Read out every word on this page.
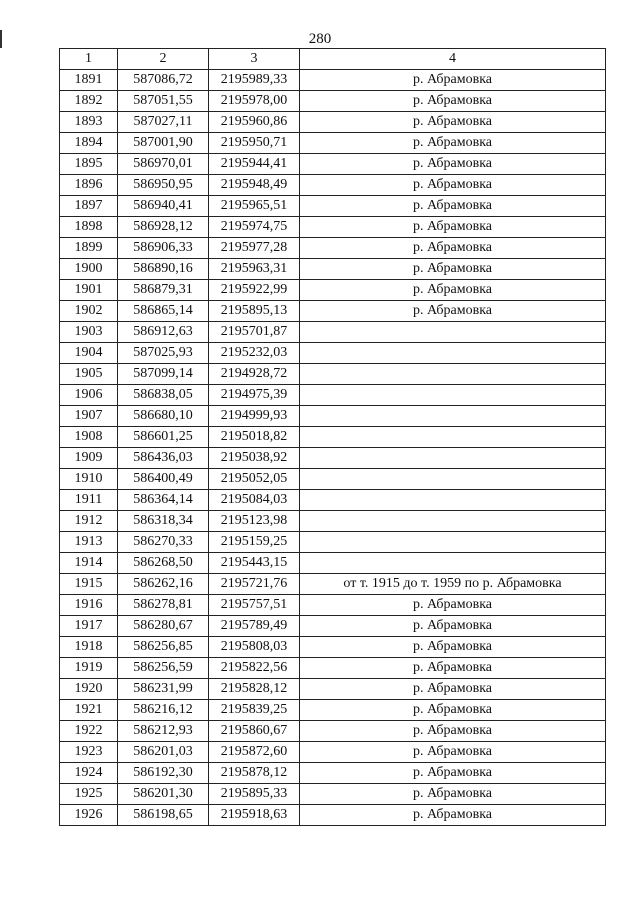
280
1	2	3	4
1891	587086,72	2195989,33	р. Абрамовка
1892	587051,55	2195978,00	р. Абрамовка
1893	587027,11	2195960,86	р. Абрамовка
1894	587001,90	2195950,71	р. Абрамовка
1895	586970,01	2195944,41	р. Абрамовка
1896	586950,95	2195948,49	р. Абрамовка
1897	586940,41	2195965,51	р. Абрамовка
1898	586928,12	2195974,75	р. Абрамовка
1899	586906,33	2195977,28	р. Абрамовка
1900	586890,16	2195963,31	р. Абрамовка
1901	586879,31	2195922,99	р. Абрамовка
1902	586865,14	2195895,13	р. Абрамовка
1903	586912,63	2195701,87	
1904	587025,93	2195232,03	
1905	587099,14	2194928,72	
1906	586838,05	2194975,39	
1907	586680,10	2194999,93	
1908	586601,25	2195018,82	
1909	586436,03	2195038,92	
1910	586400,49	2195052,05	
1911	586364,14	2195084,03	
1912	586318,34	2195123,98	
1913	586270,33	2195159,25	
1914	586268,50	2195443,15	
1915	586262,16	2195721,76	от т. 1915 до т. 1959 по р. Абрамовка
1916	586278,81	2195757,51	р. Абрамовка
1917	586280,67	2195789,49	р. Абрамовка
1918	586256,85	2195808,03	р. Абрамовка
1919	586256,59	2195822,56	р. Абрамовка
1920	586231,99	2195828,12	р. Абрамовка
1921	586216,12	2195839,25	р. Абрамовка
1922	586212,93	2195860,67	р. Абрамовка
1923	586201,03	2195872,60	р. Абрамовка
1924	586192,30	2195878,12	р. Абрамовка
1925	586201,30	2195895,33	р. Абрамовка
1926	586198,65	2195918,63	р. Абрамовка
